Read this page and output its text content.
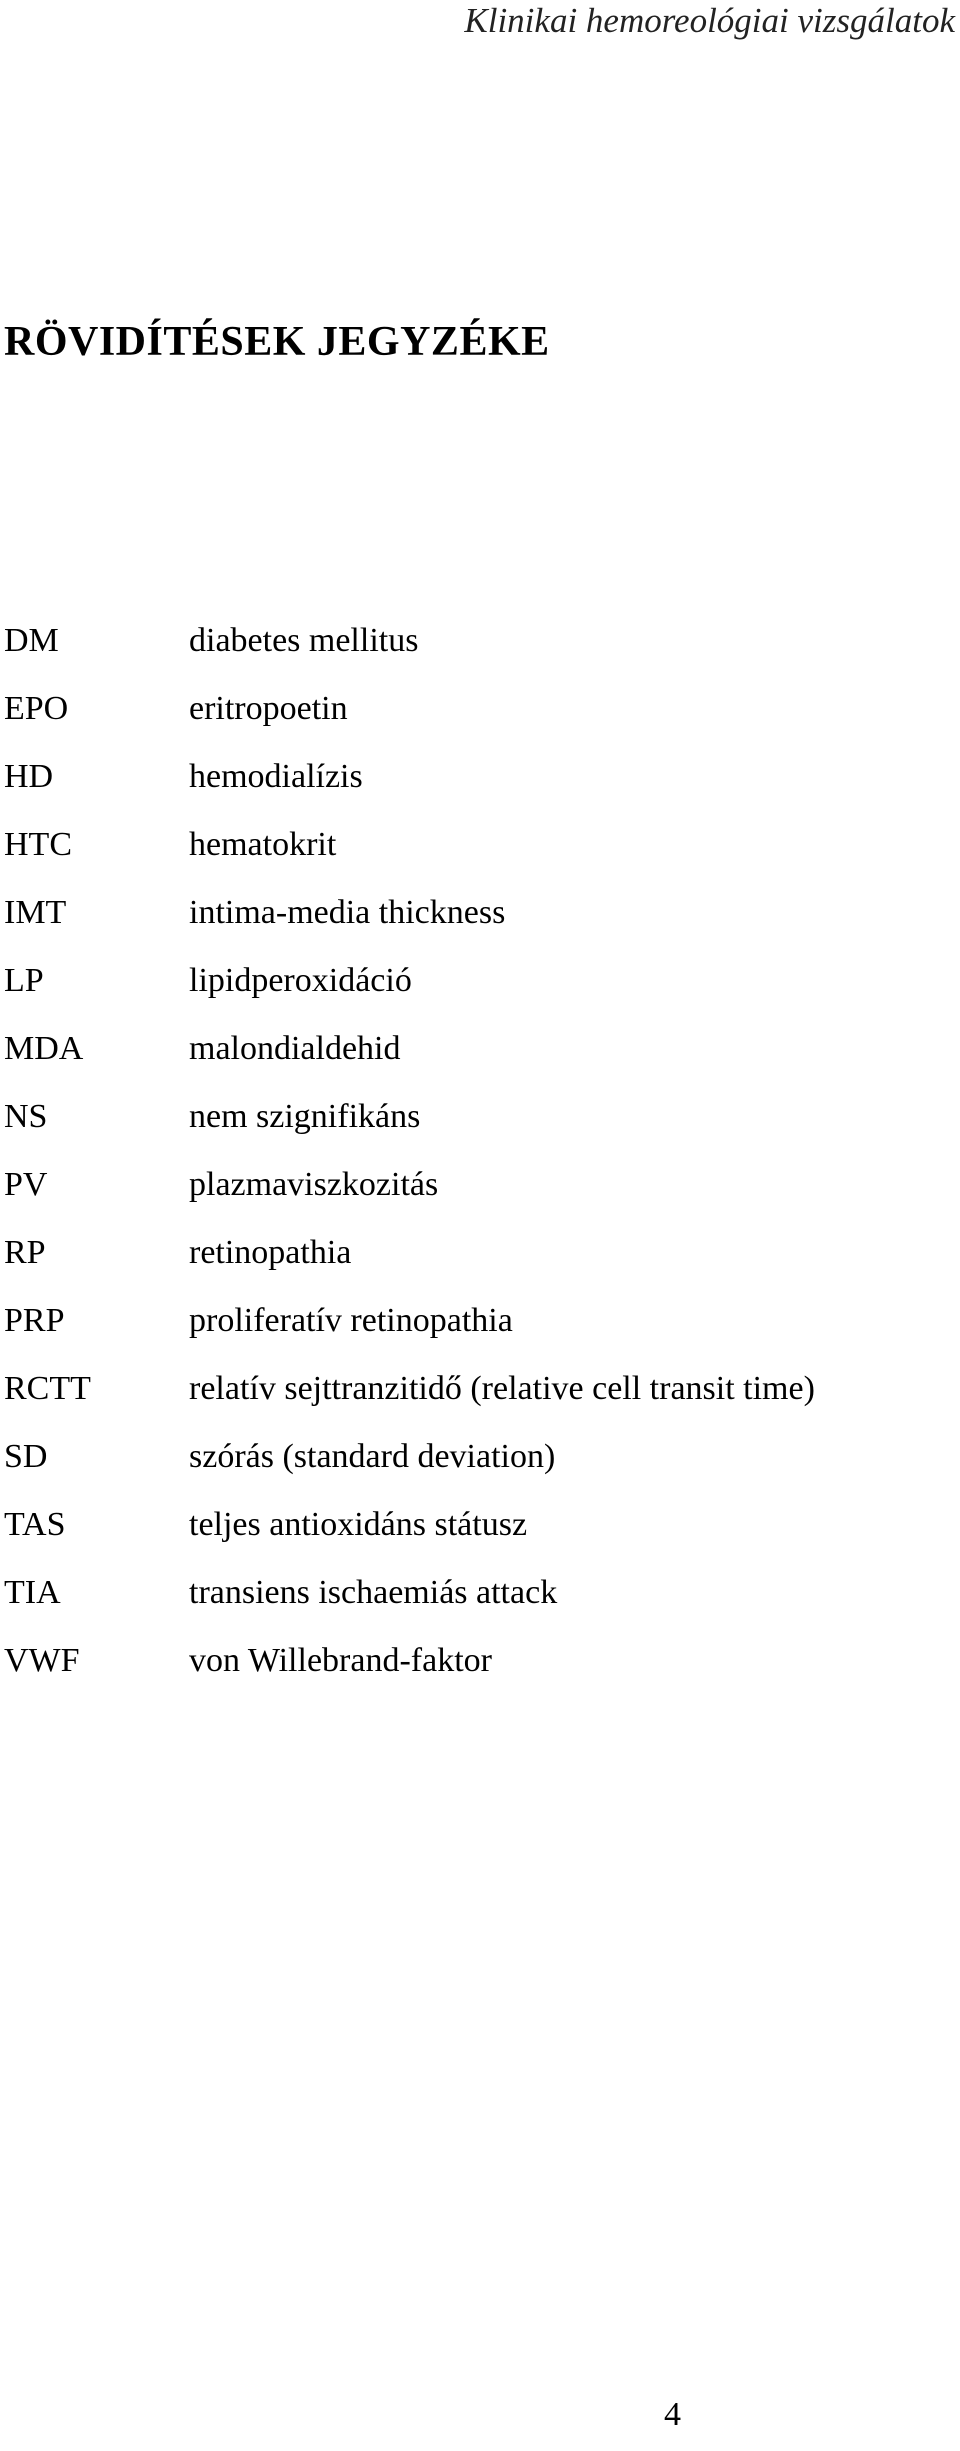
Klinikai hemoreológiai vizsgálatok
RÖVIDÍTÉSEK JEGYZÉKE
DM	diabetes mellitus
EPO	eritropoetin
HD	hemodialízis
HTC	hematokrit
IMT	intima-media thickness
LP	lipidperoxidáció
MDA	malondialdehid
NS	nem szignifikáns
PV	plazmaviszkozitás
RP	retinopathia
PRP	proliferatív retinopathia
RCTT	relatív sejttranzitidő (relative cell transit time)
SD	szórás (standard deviation)
TAS	teljes antioxidáns státusz
TIA	transiens ischaemiás attack
VWF	von Willebrand-faktor
4
